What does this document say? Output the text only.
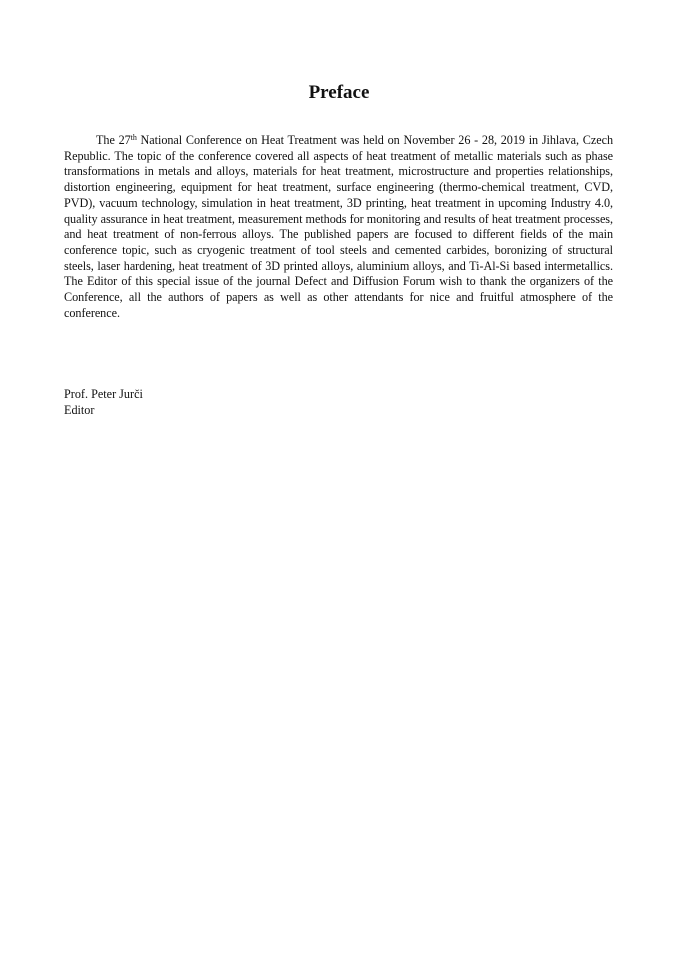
Preface

The 27th National Conference on Heat Treatment was held on November 26 - 28, 2019 in Jihlava, Czech Republic. The topic of the conference covered all aspects of heat treatment of metallic materials such as phase transformations in metals and alloys, materials for heat treatment, microstructure and properties relationships, distortion engineering, equipment for heat treatment, surface engineering (thermo-chemical treatment, CVD, PVD), vacuum technology, simulation in heat treatment, 3D printing, heat treatment in upcoming Industry 4.0, quality assurance in heat treatment, measurement methods for monitoring and results of heat treatment processes, and heat treatment of non-ferrous alloys. The published papers are focused to different fields of the main conference topic, such as cryogenic treatment of tool steels and cemented carbides, boronizing of structural steels, laser hardening, heat treatment of 3D printed alloys, aluminium alloys, and Ti-Al-Si based intermetallics. The Editor of this special issue of the journal Defect and Diffusion Forum wish to thank the organizers of the Conference, all the authors of papers as well as other attendants for nice and fruitful atmosphere of the conference.

Prof. Peter Jurči
Editor
